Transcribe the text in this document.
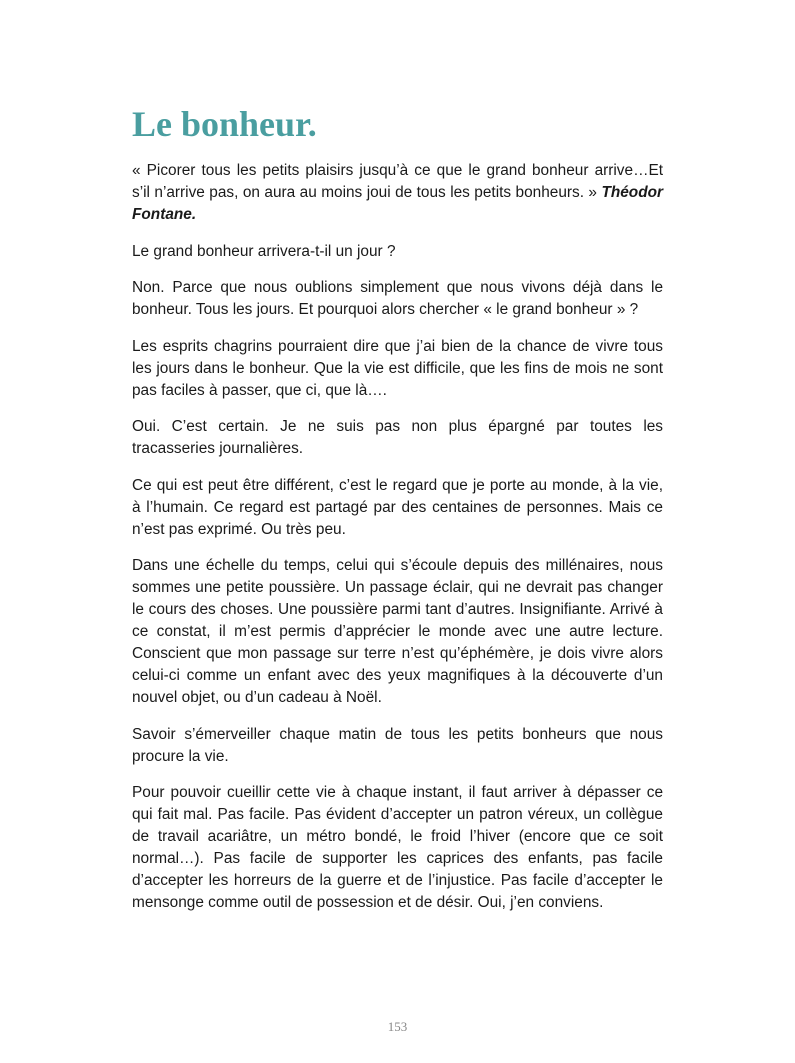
Le bonheur.

« Picorer tous les petits plaisirs jusqu’à ce que le grand bonheur arrive…Et s’il n’arrive pas, on aura au moins joui de tous les petits bonheurs. » Théodor Fontane.

Le grand bonheur arrivera-t-il un jour ?

Non. Parce que nous oublions simplement que nous vivons déjà dans le bonheur. Tous les jours. Et pourquoi alors chercher « le grand bonheur » ?

Les esprits chagrins pourraient dire que j’ai bien de la chance de vivre tous les jours dans le bonheur. Que la vie est difficile, que les fins de mois ne sont pas faciles à passer, que ci, que là….

Oui. C’est certain. Je ne suis pas non plus épargné par toutes les tracasseries journalières.

Ce qui est peut être différent, c’est le regard que je porte au monde, à la vie, à l’humain. Ce regard est partagé par des centaines de personnes. Mais ce n’est pas exprimé. Ou très peu.

Dans une échelle du temps, celui qui s’écoule depuis des millénaires, nous sommes une petite poussière. Un passage éclair, qui ne devrait pas changer le cours des choses. Une poussière parmi tant d’autres. Insignifiante. Arrivé à ce constat, il m’est permis d’apprécier le monde avec une autre lecture. Conscient que mon passage sur terre n’est qu’éphémère, je dois vivre alors celui-ci comme un enfant avec des yeux magnifiques à la découverte d’un nouvel objet, ou d’un cadeau à Noël.

Savoir s’émerveiller chaque matin de tous les petits bonheurs que nous procure la vie.

Pour pouvoir cueillir cette vie à chaque instant, il faut arriver à dépasser ce qui fait mal. Pas facile. Pas évident d’accepter un patron véreux, un collègue de travail acariâtre, un métro bondé, le froid l’hiver (encore que ce soit normal…). Pas facile de supporter les caprices des enfants, pas facile d’accepter les horreurs de la guerre et de l’injustice. Pas facile d’accepter le mensonge comme outil de possession et de désir. Oui, j’en conviens.

153
